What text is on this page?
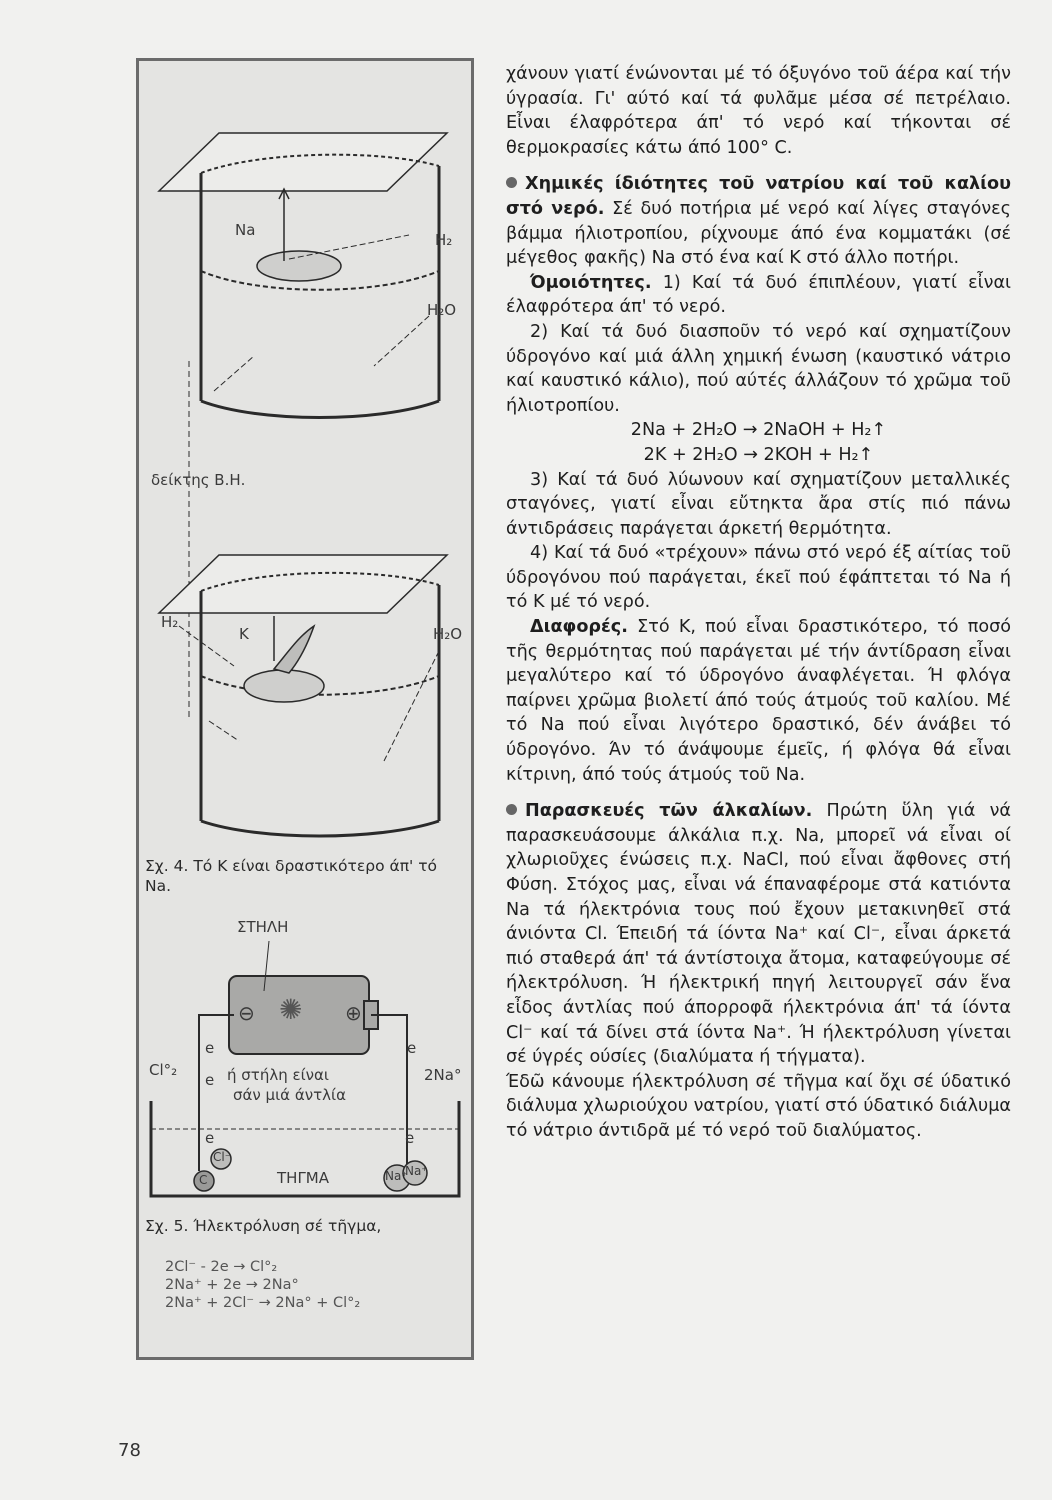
Na
H₂
H₂O
δείκτης Β.Η.
H₂
K	H₂O
Σχ. 4. Τό Κ είναι δραστικότερο άπ' τό Na.
ΣΤΗΛΗ
⊖	⊕
✺
Cl°₂	2Na°
ή στήλη είναι
σάν μιά άντλία
e
e
e
e
e
ΤΗΓΜΑ
C
Cl⁻
Na⁺
Na⁺
Σχ. 5. Ήλεκτρόλυση σέ τῆγμα,
2Cl⁻ - 2e → Cl°₂
2Na⁺ + 2e → 2Na°
2Na⁺ + 2Cl⁻ → 2Na° + Cl°₂

χάνουν γιατί ένώνονται μέ τό όξυγόνο τοῦ άέρα καί τήν ύγρασία. Γι' αύτό καί τά φυλᾶμε μέσα σέ πετρέλαιο. Εἶναι έλαφρότερα άπ' τό νερό καί τήκονται σέ θερμοκρασίες κάτω άπό 100° C.

Χημικές ίδιότητες τοῦ νατρίου καί τοῦ καλίου στό νερό. Σέ δυό ποτήρια μέ νερό καί λίγες σταγόνες βάμμα ήλιοτροπίου, ρίχνουμε άπό ένα κομματάκι (σέ μέγεθος φακῆς) Na στό ένα καί K στό άλλο ποτήρι.

Όμοιότητες. 1) Καί τά δυό έπιπλέουν, γιατί εἶναι έλαφρότερα άπ' τό νερό.

2) Καί τά δυό διασποῦν τό νερό καί σχηματίζουν ύδρογόνο καί μιά άλλη χημική ένωση (καυστικό νάτριο καί καυστικό κάλιο), πού αύτές άλλάζουν τό χρῶμα τοῦ ήλιοτροπίου.

2Na + 2H₂O → 2NaOH + H₂↑

2K + 2H₂O → 2KOH + H₂↑

3) Καί τά δυό λύωνουν καί σχηματίζουν μεταλλικές σταγόνες, γιατί εἶναι εὔτηκτα ἄρα στίς πιό πάνω άντιδράσεις παράγεται άρκετή θερμότητα.

4) Καί τά δυό «τρέχουν» πάνω στό νερό έξ αίτίας τοῦ ύδρογόνου πού παράγεται, έκεῖ πού έφάπτεται τό Na ή τό K μέ τό νερό.

Διαφορές. Στό K, πού εἶναι δραστικότερο, τό ποσό τῆς θερμότητας πού παράγεται μέ τήν άντίδραση εἶναι μεγαλύτερο καί τό ύδρογόνο άναφλέγεται. Ή φλόγα παίρνει χρῶμα βιολετί άπό τούς άτμούς τοῦ καλίου. Μέ τό Na πού εἶναι λιγότερο δραστικό, δέν άνάβει τό ύδρογόνο. Άν τό άνάψουμε έμεῖς, ή φλόγα θά εἶναι κίτρινη, άπό τούς άτμούς τοῦ Na.

Παρασκευές τῶν άλκαλίων. Πρώτη ὕλη γιά νά παρασκευάσουμε άλκάλια π.χ. Na, μπορεῖ νά εἶναι οί χλωριοῦχες ένώσεις π.χ. NaCl, πού εἶναι ἄφθονες στή Φύση. Στόχος μας, εἶναι νά έπαναφέρομε στά κατιόντα Na τά ήλεκτρόνια τους πού ἔχουν μετακινηθεῖ στά άνιόντα Cl. Έπειδή τά ίόντα Na⁺ καί Cl⁻, εἶναι άρκετά πιό σταθερά άπ' τά άντίστοιχα ἄτομα, καταφεύγουμε σέ ήλεκτρόλυση. Ή ήλεκτρική πηγή λειτουργεῖ σάν ἕνα εἶδος άντλίας πού άπορροφᾶ ήλεκτρόνια άπ' τά ίόντα Cl⁻ καί τά δίνει στά ίόντα Na⁺. Ή ήλεκτρόλυση γίνεται σέ ύγρές ούσίες (διαλύματα ή τήγματα).

Έδῶ κάνουμε ήλεκτρόλυση σέ τῆγμα καί ὄχι σέ ύδατικό διάλυμα χλωριούχου νατρίου, γιατί στό ύδατικό διάλυμα τό νάτριο άντιδρᾶ μέ τό νερό τοῦ διαλύματος.

78
